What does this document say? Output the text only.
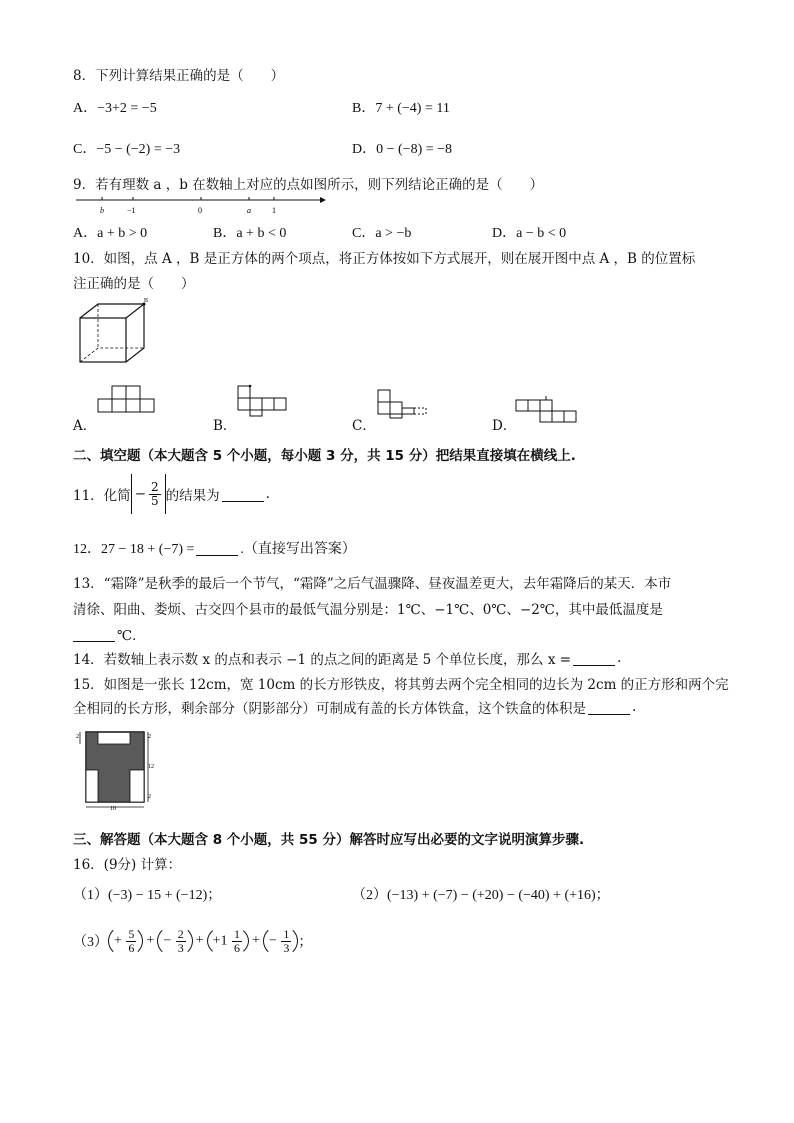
8．下列计算结果正确的是（　　）
A．−3+2 = −5	B．7 + (−4) = 11
C．−5 − (−2) = −3	D．0 − (−8) = −8
9．若有理数 a ，b 在数轴上对应的点如图所示，则下列结论正确的是（　　）
b	−1	0	a	1
A．a + b > 0	B．a + b < 0	C．a > −b	D．a − b < 0
10．如图，点 A ，B 是正方体的两个项点，将正方体按如下方式展开，则在展开图中点 A ，B 的位置标
注正确的是（　　）
B
A．	B．	C．	D．
二、填空题（本大题含 5 个小题，每小题 3 分，共 15 分）把结果直接填在横线上.
11．化简 − $\frac{2}{5}$ 的结果为	.
12．27 − 18 + (−7) =	.（直接写出答案）
13．“霜降”是秋季的最后一个节气，“霜降”之后气温骤降、昼夜温差更大，去年霜降后的某天．本市
清徐、阳曲、娄烦、古交四个县市的最低气温分别是：1℃、−1℃、0℃、−2℃，其中最低温度是
℃．
14．若数轴上表示数 x 的点和表示 −1 的点之间的距离是 5 个单位长度，那么 x =	.
15．如图是一张长 12cm，宽 10cm 的长方形铁皮，将其剪去两个完全相同的边长为 2cm 的正方形和两个完
全相同的长方形，剩余部分（阴影部分）可制成有盖的长方体铁盒，这个铁盒的体积是	.
2	2
12
2
10
三、解答题（本大题含 8 个小题，共 55 分）解答时应写出必要的文字说明演算步骤.
16．(9分) 计算：
（1）(−3) − 15 + (−12)；	（2）(−13) + (−7) − (+20) − (−40) + (+16)；
$(3) + \frac{5}{6}$ + − $\frac{2}{3} + +1 \frac{1}{6}$ + − $\frac{1}{3}$ ；
